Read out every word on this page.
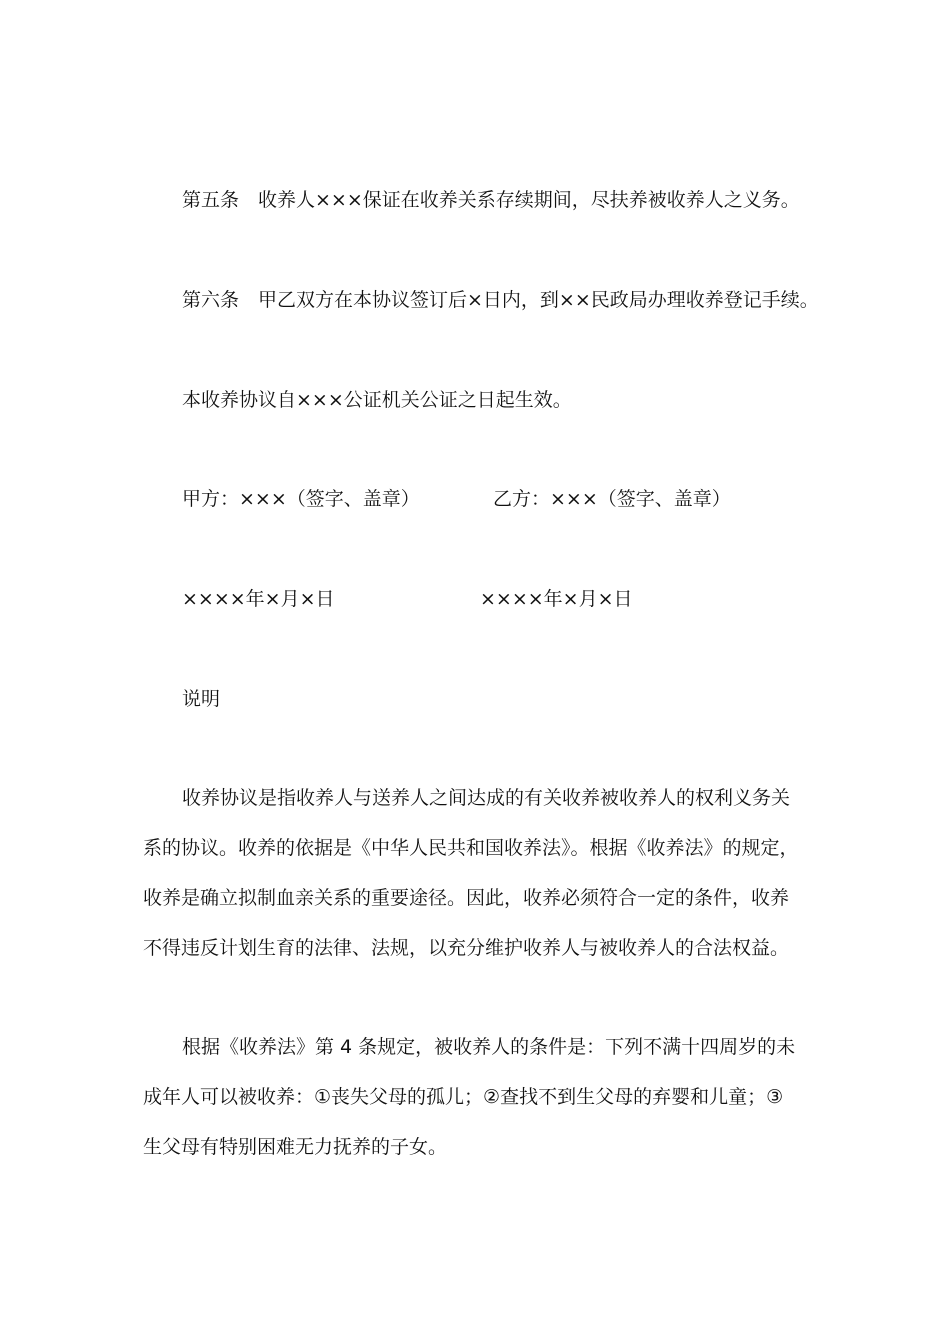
第五条　收养人×××保证在收养关系存续期间，尽扶养被收养人之义务。
第六条　甲乙双方在本协议签订后×日内，到××民政局办理收养登记手续。
本收养协议自×××公证机关公证之日起生效。
甲方：×××（签字、盖章）	乙方：×××（签字、盖章）
××××年×月×日	××××年×月×日
说明
收养协议是指收养人与送养人之间达成的有关收养被收养人的权利义务关
系的协议。收养的依据是《中华人民共和国收养法》。根据《收养法》的规定，
收养是确立拟制血亲关系的重要途径。因此，收养必须符合一定的条件，收养
不得违反计划生育的法律、法规，以充分维护收养人与被收养人的合法权益。
根据《收养法》第 4 条规定，被收养人的条件是：下列不满十四周岁的未
成年人可以被收养：①丧失父母的孤儿；②查找不到生父母的弃婴和儿童；③
生父母有特别困难无力抚养的子女。
